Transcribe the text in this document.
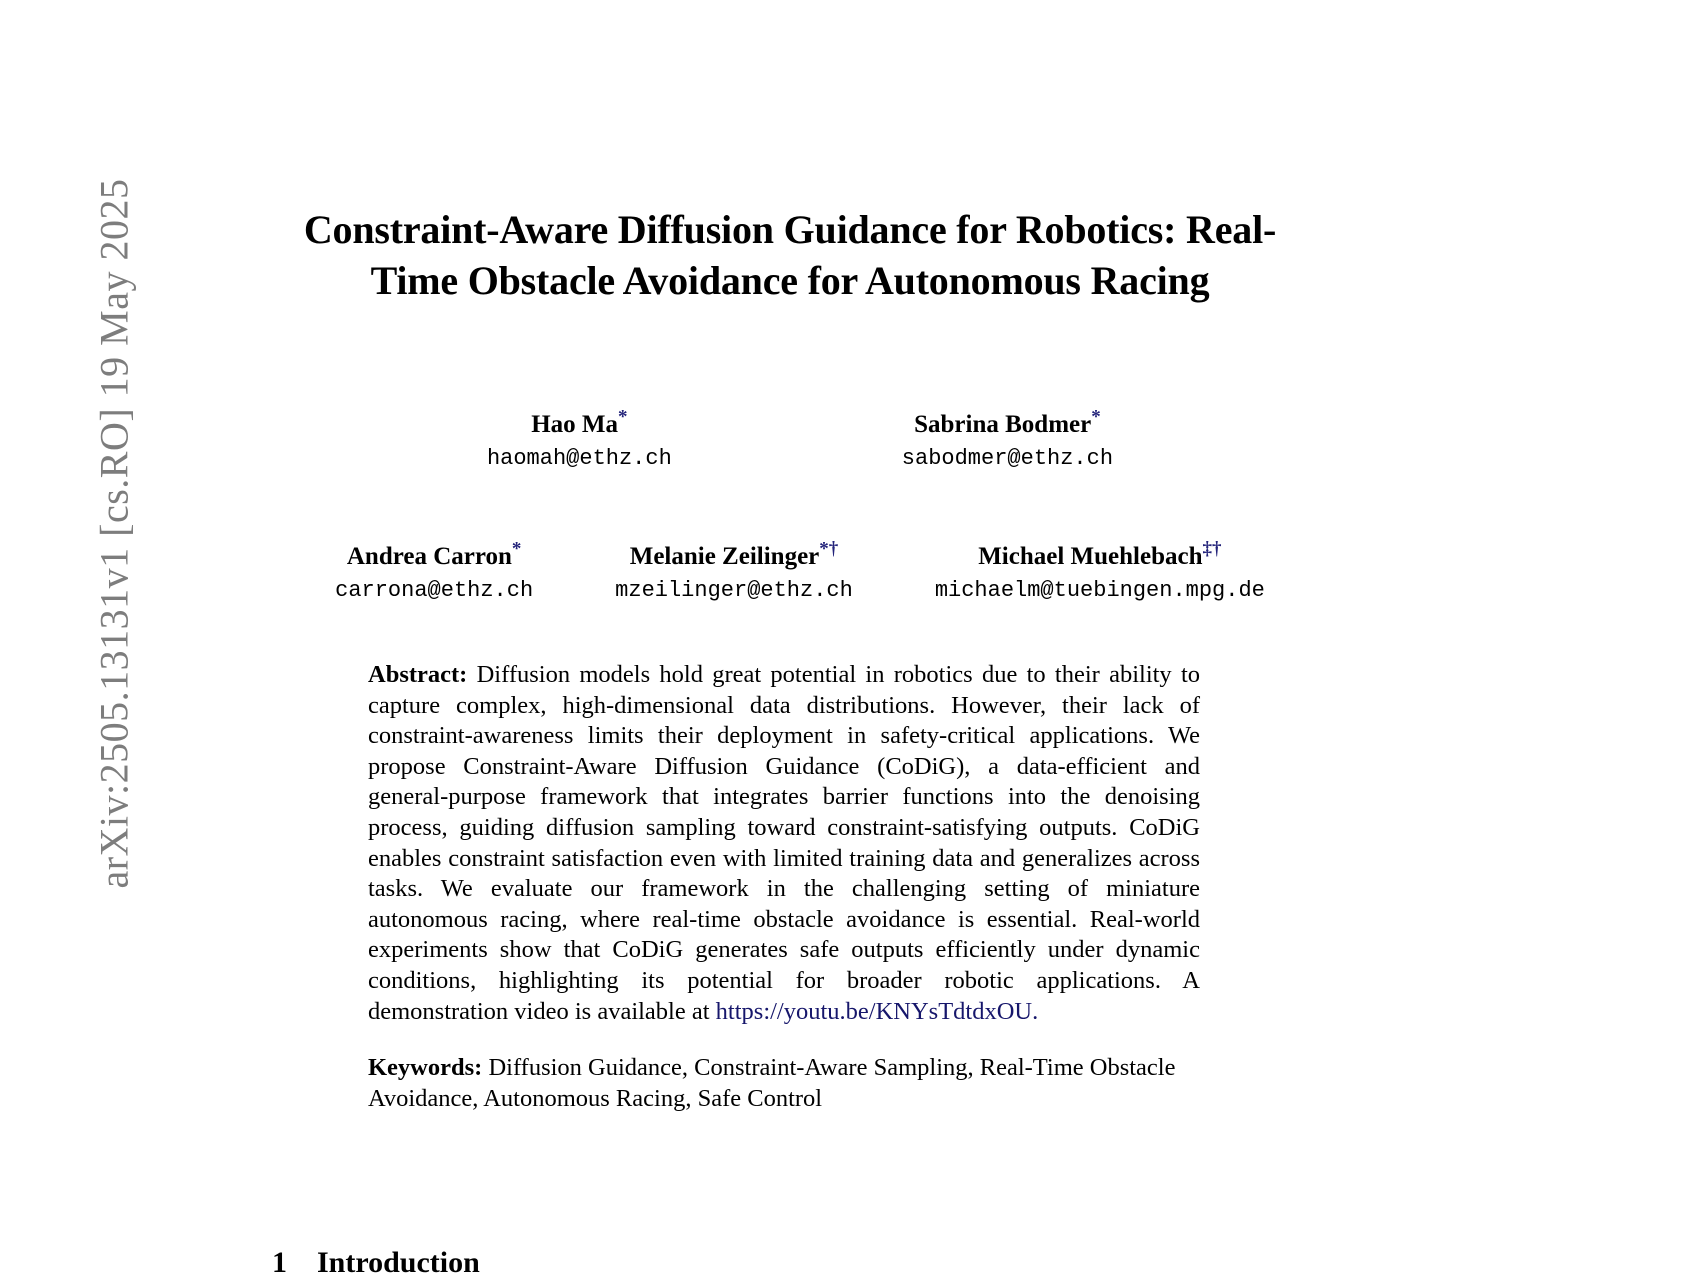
arXiv:2505.13131v1 [cs.RO] 19 May 2025	Constraint-Aware Diffusion Guidance for Robotics: Real-Time Obstacle Avoidance for Autonomous Racing
Hao Ma*
haomah@ethz.ch
Sabrina Bodmer*
sabodmer@ethz.ch
Andrea Carron*
carrona@ethz.ch
Melanie Zeilinger*†
mzeilinger@ethz.ch
Michael Muehlebach‡†
michaelm@tuebingen.mpg.de
Abstract: Diffusion models hold great potential in robotics due to their ability to capture complex, high-dimensional data distributions. However, their lack of constraint-awareness limits their deployment in safety-critical applications. We propose Constraint-Aware Diffusion Guidance (CoDiG), a data-efficient and general-purpose framework that integrates barrier functions into the denoising process, guiding diffusion sampling toward constraint-satisfying outputs. CoDiG enables constraint satisfaction even with limited training data and generalizes across tasks. We evaluate our framework in the challenging setting of miniature autonomous racing, where real-time obstacle avoidance is essential. Real-world experiments show that CoDiG generates safe outputs efficiently under dynamic conditions, highlighting its potential for broader robotic applications. A demonstration video is available at https://youtu.be/KNYsTdtdxOU.
Keywords: Diffusion Guidance, Constraint-Aware Sampling, Real-Time Obstacle Avoidance, Autonomous Racing, Safe Control
1 Introduction
